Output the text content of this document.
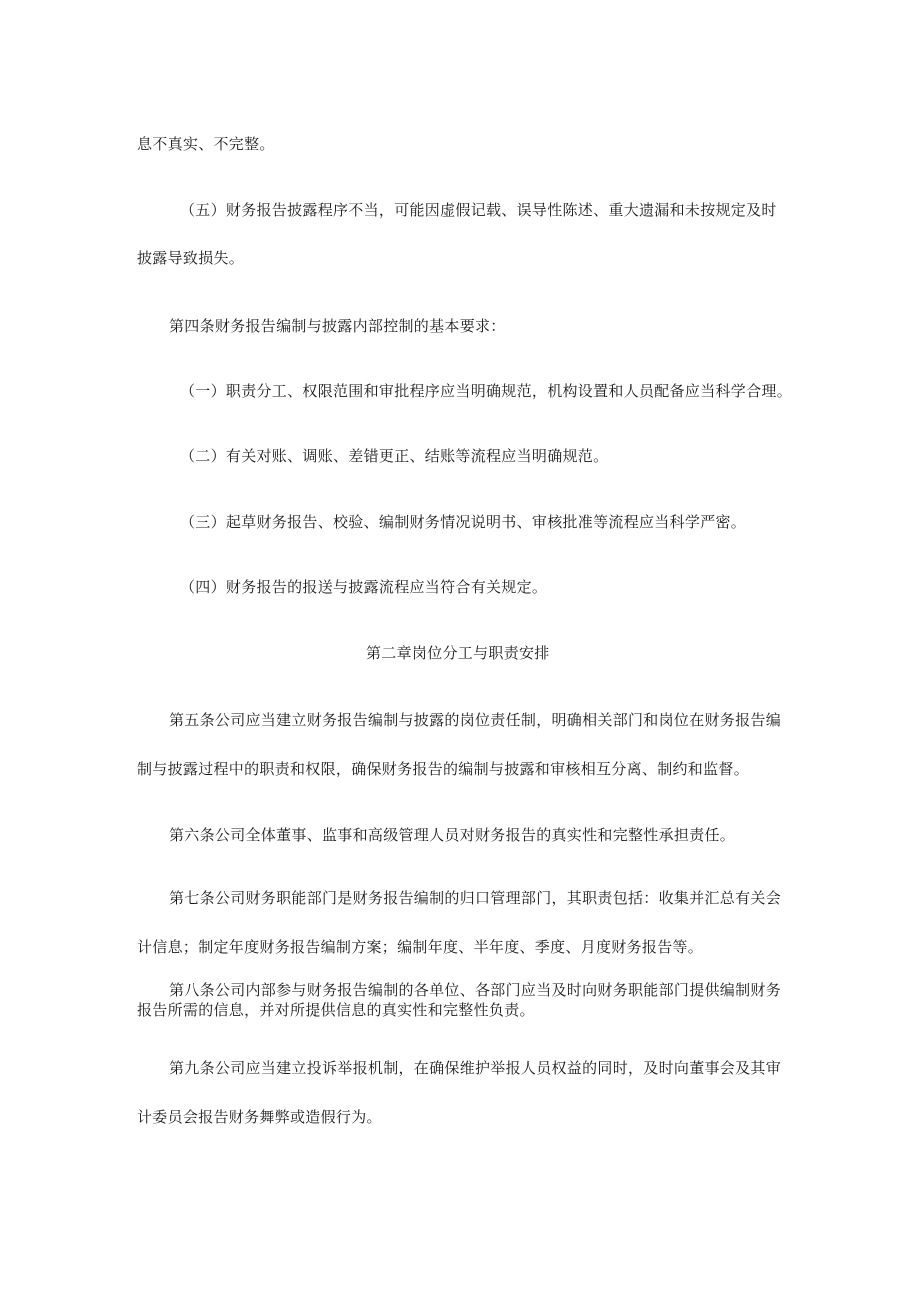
息不真实、不完整。
（五）财务报告披露程序不当，可能因虚假记载、误导性陈述、重大遗漏和未按规定及时
披露导致损失。
第四条财务报告编制与披露内部控制的基本要求：
（一）职责分工、权限范围和审批程序应当明确规范，机构设置和人员配备应当科学合理。
（二）有关对账、调账、差错更正、结账等流程应当明确规范。
（三）起草财务报告、校验、编制财务情况说明书、审核批准等流程应当科学严密。
（四）财务报告的报送与披露流程应当符合有关规定。
第二章岗位分工与职责安排
第五条公司应当建立财务报告编制与披露的岗位责任制，明确相关部门和岗位在财务报告编
制与披露过程中的职责和权限，确保财务报告的编制与披露和审核相互分离、制约和监督。
第六条公司全体董事、监事和高级管理人员对财务报告的真实性和完整性承担责任。
第七条公司财务职能部门是财务报告编制的归口管理部门，其职责包括：收集并汇总有关会
计信息；制定年度财务报告编制方案；编制年度、半年度、季度、月度财务报告等。
第八条公司内部参与财务报告编制的各单位、各部门应当及时向财务职能部门提供编制财务
报告所需的信息，并对所提供信息的真实性和完整性负责。
第九条公司应当建立投诉举报机制，在确保维护举报人员权益的同时，及时向董事会及其审
计委员会报告财务舞弊或造假行为。
